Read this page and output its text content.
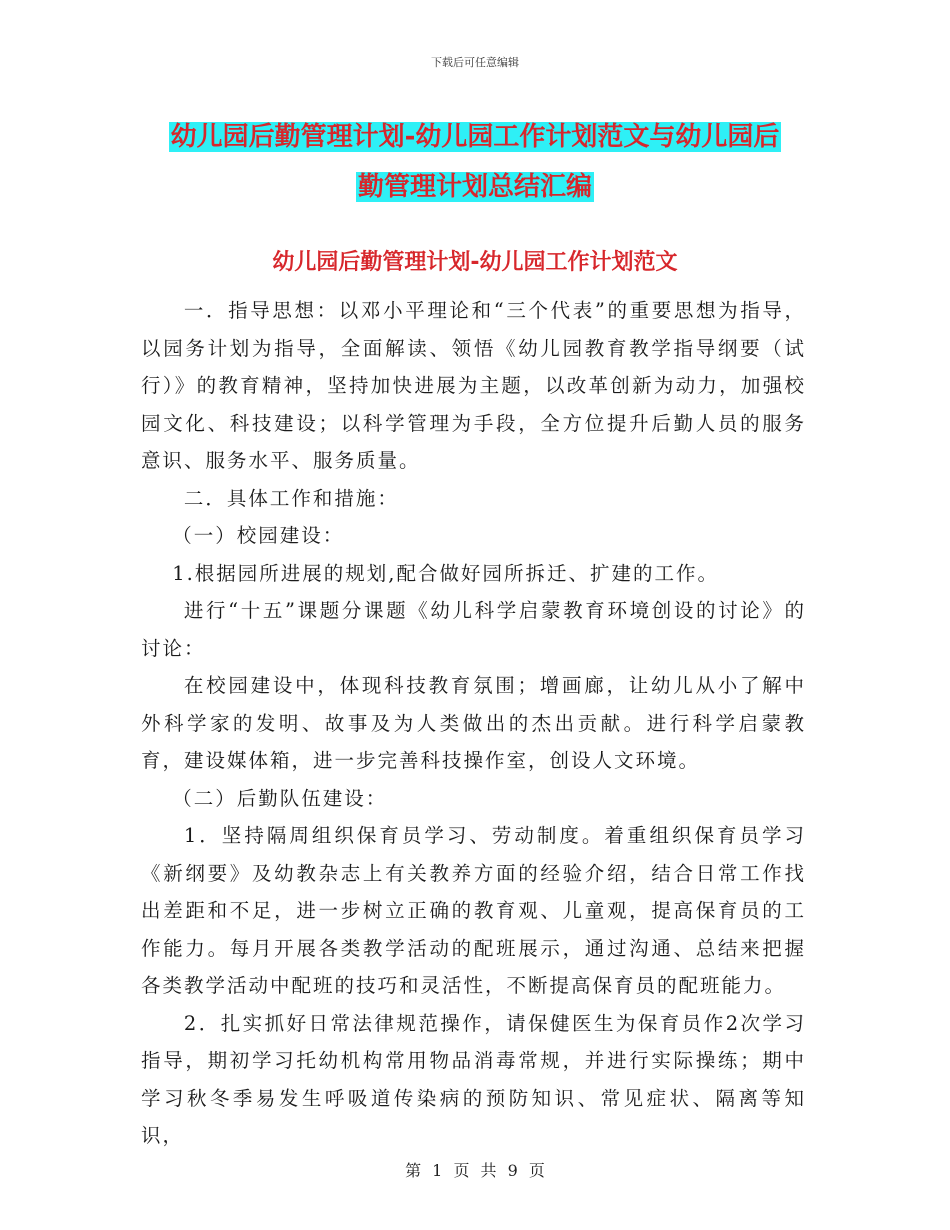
下载后可任意编辑
幼儿园后勤管理计划-幼儿园工作计划范文与幼儿园后
勤管理计划总结汇编
幼儿园后勤管理计划-幼儿园工作计划范文

一．指导思想：以邓小平理论和“三个代表”的重要思想为指导，以园务计划为指导，全面解读、领悟《幼儿园教育教学指导纲要（试行）》的教育精神，坚持加快进展为主题，以改革创新为动力，加强校园文化、科技建设；以科学管理为手段，全方位提升后勤人员的服务意识、服务水平、服务质量。

二．具体工作和措施：

（一）校园建设：

1.根据园所进展的规划,配合做好园所拆迁、扩建的工作。

进行“十五”课题分课题《幼儿科学启蒙教育环境创设的讨论》的讨论：

在校园建设中，体现科技教育氛围；增画廊，让幼儿从小了解中外科学家的发明、故事及为人类做出的杰出贡献。进行科学启蒙教育，建设媒体箱，进一步完善科技操作室，创设人文环境。

（二）后勤队伍建设：

1．坚持隔周组织保育员学习、劳动制度。着重组织保育员学习《新纲要》及幼教杂志上有关教养方面的经验介绍，结合日常工作找出差距和不足，进一步树立正确的教育观、儿童观，提高保育员的工作能力。每月开展各类教学活动的配班展示，通过沟通、总结来把握各类教学活动中配班的技巧和灵活性，不断提高保育员的配班能力。

2．扎实抓好日常法律规范操作，请保健医生为保育员作2次学习指导，期初学习托幼机构常用物品消毒常规，并进行实际操练；期中学习秋冬季易发生呼吸道传染病的预防知识、常见症状、隔离等知识，

第 1 页 共 9 页
